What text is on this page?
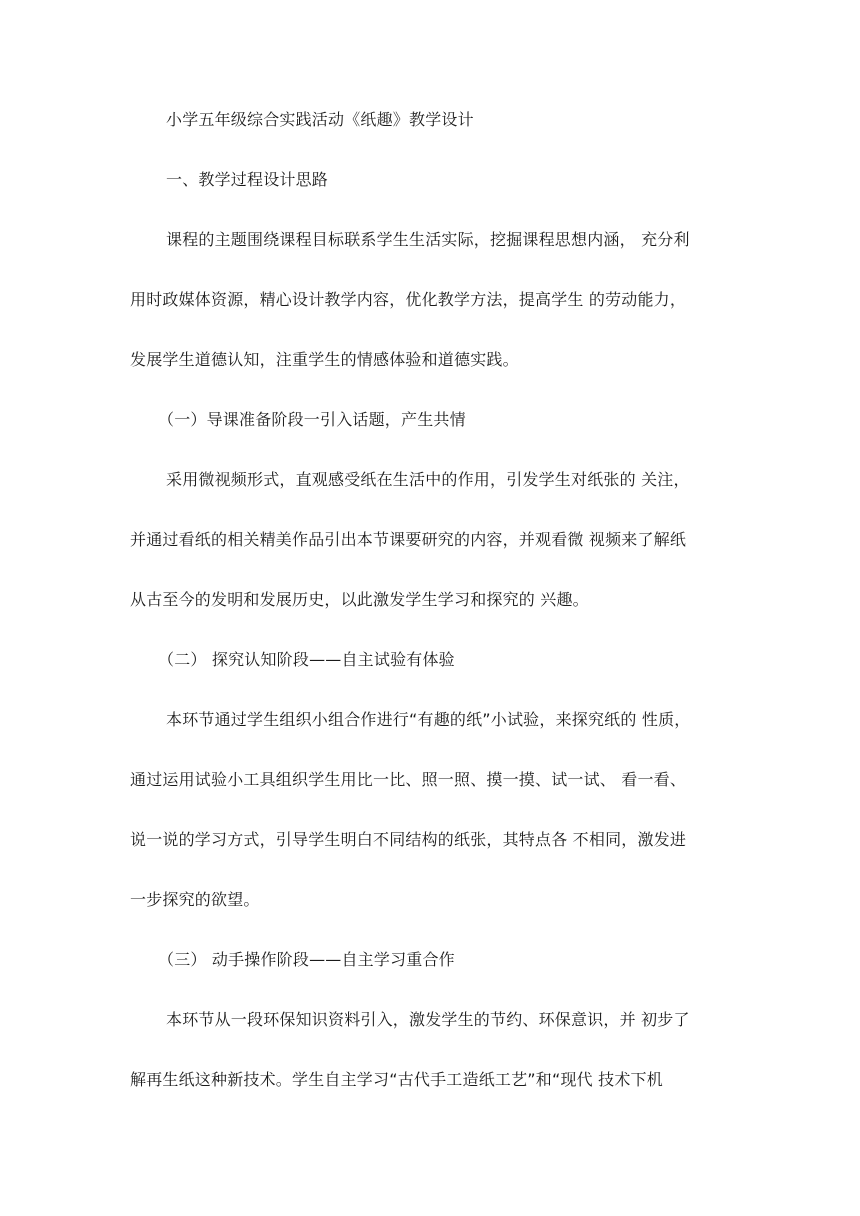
小学五年级综合实践活动《纸趣》教学设计
一、教学过程设计思路
课程的主题围绕课程目标联系学生生活实际，挖掘课程思想内涵， 充分利
用时政媒体资源，精心设计教学内容，优化教学方法，提高学生 的劳动能力，
发展学生道德认知，注重学生的情感体验和道德实践。
（一）导课准备阶段一引入话题，产生共情
采用微视频形式，直观感受纸在生活中的作用，引发学生对纸张的 关注，
并通过看纸的相关精美作品引出本节课要研究的内容，并观看微 视频来了解纸
从古至今的发明和发展历史，以此激发学生学习和探究的 兴趣。
（二） 探究认知阶段——自主试验有体验
本环节通过学生组织小组合作进行“有趣的纸”小试验，来探究纸的 性质，
通过运用试验小工具组织学生用比一比、照一照、摸一摸、试一试、 看一看、
说一说的学习方式，引导学生明白不同结构的纸张，其特点各 不相同，激发进
一步探究的欲望。
（三） 动手操作阶段——自主学习重合作
本环节从一段环保知识资料引入，激发学生的节约、环保意识，并 初步了
解再生纸这种新技术。学生自主学习“古代手工造纸工艺”和“现代 技术下机
